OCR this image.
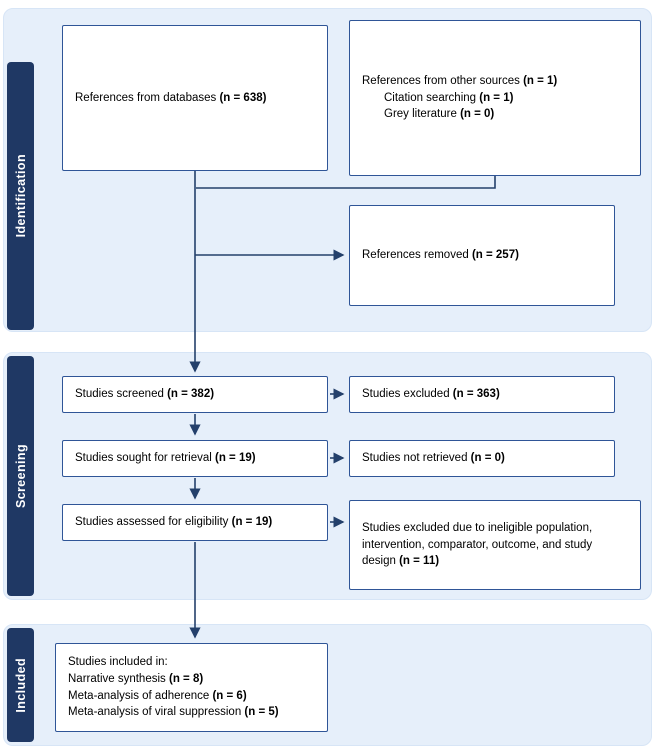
Identification
Screening
Included
References from databases (n = 638)
References from other sources (n = 1)
Citation searching (n = 1)
Grey literature (n = 0)
References removed (n = 257)
Studies screened (n = 382)	Studies excluded (n = 363)
Studies sought for retrieval (n = 19)	Studies not retrieved (n = 0)
Studies assessed for eligibility (n = 19)	Studies excluded due to ineligible population, intervention, comparator, outcome, and study design (n = 11)
Studies included in:
Narrative synthesis (n = 8)
Meta-analysis of adherence (n = 6)
Meta-analysis of viral suppression (n = 5)
